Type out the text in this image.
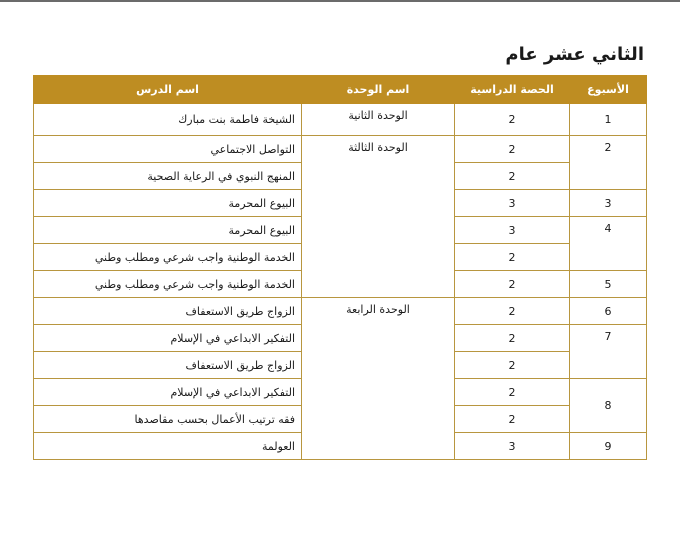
الثاني عشر عام
الأسبوع	الحصة الدراسية	اسم الوحدة	اسم الدرس
1	2	الوحدة الثانية	الشيخة فاطمة بنت مبارك
2	2	الوحدة الثالثة	التواصل الاجتماعي
	2		المنهج النبوي في الرعاية الصحية
3	3		البيوع المحرمة
4	3		البيوع المحرمة
	2		الخدمة الوطنية واجب شرعي ومطلب وطني
5	2		الخدمة الوطنية واجب شرعي ومطلب وطني
6	2	الوحدة الرابعة	الزواج طريق الاستعفاف
7	2		التفكير الابداعي في الإسلام
	2		الزواج طريق الاستعفاف
8	2		التفكير الابداعي في الإسلام
	2		فقه ترتيب الأعمال بحسب مقاصدها
9	3		العولمة
